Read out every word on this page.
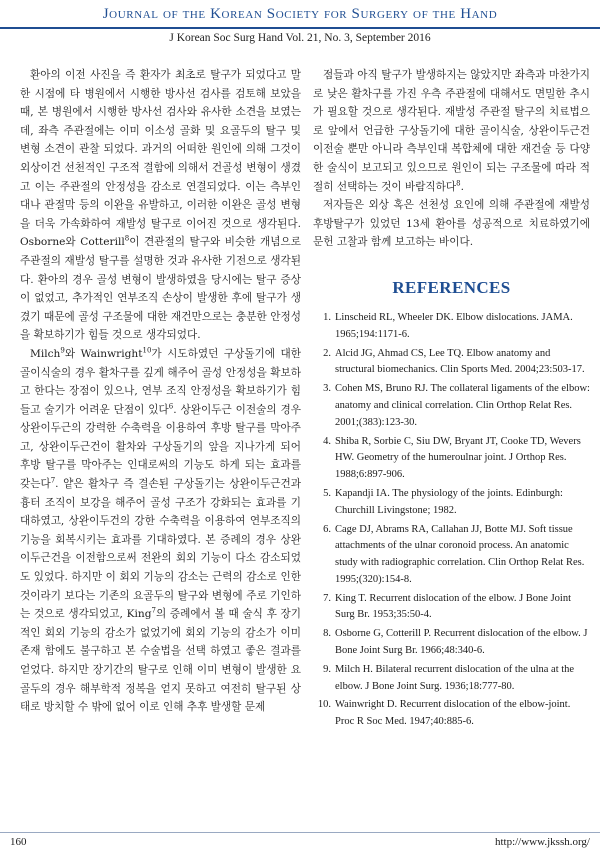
Journal of the Korean Society for Surgery of the Hand
J Korean Soc Surg Hand Vol. 21, No. 3, September 2016

환아의 이전 사진을 즉 환자가 최초로 탈구가 되었다고 말한 시점에 타 병원에서 시행한 방사선 검사를 검토해 보았을 때, 본 병원에서 시행한 방사선 검사와 유사한 소견을 보였는데, 좌측 주관절에는 이미 이소성 골화 및 요골두의 탈구 및 변형 소견이 관찰 되었다. 과거의 어떠한 원인에 의해 그것이 외상이건 선천적인 구조적 결함에 의해서 건골성 변형이 생겼고 이는 주관절의 안정성을 감소로 연결되었다. 이는 측부인대나 관절막 등의 이완을 유발하고, 이러한 이완은 골성 변형을 더욱 가속화하여 재발성 탈구로 이어진 것으로 생각된다. Osborne와 Cotterill$^8$이 견관절의 탈구와 비슷한 개념으로 주관절의 재발성 탈구를 설명한 것과 유사한 기전으로 생각된다. 환아의 경우 골성 변형이 발생하였을 당시에는 탈구 증상이 없었고, 추가적인 연부조직 손상이 발생한 후에 탈구가 생겼기 때문에 골성 구조물에 대한 재건만으로는 충분한 안정성을 확보하기가 힘들 것으로 생각되었다.

Milch$^9$와 Wainwright$^{10}$가 시도하였던 구상돌기에 대한 골이식술의 경우 활차구를 깊게 해주어 골성 안정성을 확보하고 한다는 장점이 있으나, 연부 조직 안정성을 확보하기가 힘들고 술기가 어려운 단점이 있다$^6$. 상완이두근 이전술의 경우 상완이두근의 강력한 수축력을 이용하여 후방 탈구를 막아주고, 상완이두근건이 활차와 구상돌기의 앞을 지나가게 되어 후방 탈구를 막아주는 인대로써의 기능도 하게 되는 효과를 갖는다$^7$. 얕은 활차구 즉 결손된 구상돌기는 상완이두근건과 흉터 조직이 보강을 해주어 골성 구조가 강화되는 효과를 기대하였고, 상완이두건의 강한 수축력을 이용하여 연부조직의 기능을 회복시키는 효과를 기대하였다. 본 증례의 경우 상완이두근건을 이전함으로써 전완의 회외 기능이 다소 감소되었도 있었다. 하지만 이 회외 기능의 감소는 근력의 감소로 인한 것이라기 보다는 기존의 요골두의 탈구와 변형에 주로 기인하는 것으로 생각되었고, King$^7$의 증례에서 볼 때 술식 후 장기적인 회외 기능의 감소가 없었기에 회외 기능의 감소가 이미 존재 함에도 불구하고 본 수술법을 선택 하였고 좋은 결과를 얻었다. 하지만 장기간의 탈구로 인해 이미 변형이 발생한 요골두의 경우 해부학적 정복을 얻지 못하고 여전히 탈구된 상태로 방치할 수 밖에 없어 이로 인해 추후 발생할 문제

점들과 아직 탈구가 발생하지는 않았지만 좌측과 마찬가지로 낮은 활차구를 가진 우측 주관절에 대해서도 면밀한 추시가 필요할 것으로 생각된다. 재발성 주관절 탈구의 치료법으로 앞에서 언급한 구상돌기에 대한 골이식술, 상완이두근건 이전술 뿐만 아니라 측부인대 복합체에 대한 재건술 등 다양한 술식이 보고되고 있으므로 원인이 되는 구조물에 따라 적절히 선택하는 것이 바람직하다$^8$.

저자들은 외상 혹은 선천성 요인에 의해 주관절에 재발성 후방탈구가 있었던 13세 환아를 성공적으로 치료하였기에 문헌 고찰과 함께 보고하는 바이다.

REFERENCES
1. Linscheid RL, Wheeler DK. Elbow dislocations. JAMA. 1965;194:1171-6.
2. Alcid JG, Ahmad CS, Lee TQ. Elbow anatomy and structural biomechanics. Clin Sports Med. 2004;23:503-17.
3. Cohen MS, Bruno RJ. The collateral ligaments of the elbow: anatomy and clinical correlation. Clin Orthop Relat Res. 2001;(383):123-30.
4. Shiba R, Sorbie C, Siu DW, Bryant JT, Cooke TD, Wevers HW. Geometry of the humeroulnar joint. J Orthop Res. 1988;6:897-906.
5. Kapandji IA. The physiology of the joints. Edinburgh: Churchill Livingstone; 1982.
6. Cage DJ, Abrams RA, Callahan JJ, Botte MJ. Soft tissue attachments of the ulnar coronoid process. An anatomic study with radiographic correlation. Clin Orthop Relat Res. 1995;(320):154-8.
7. King T. Recurrent dislocation of the elbow. J Bone Joint Surg Br. 1953;35:50-4.
8. Osborne G, Cotterill P. Recurrent dislocation of the elbow. J Bone Joint Surg Br. 1966;48:340-6.
9. Milch H. Bilateral recurrent dislocation of the ulna at the elbow. J Bone Joint Surg. 1936;18:777-80.
10. Wainwright D. Recurrent dislocation of the elbow-joint. Proc R Soc Med. 1947;40:885-6.
160	http://www.jkssh.org/
